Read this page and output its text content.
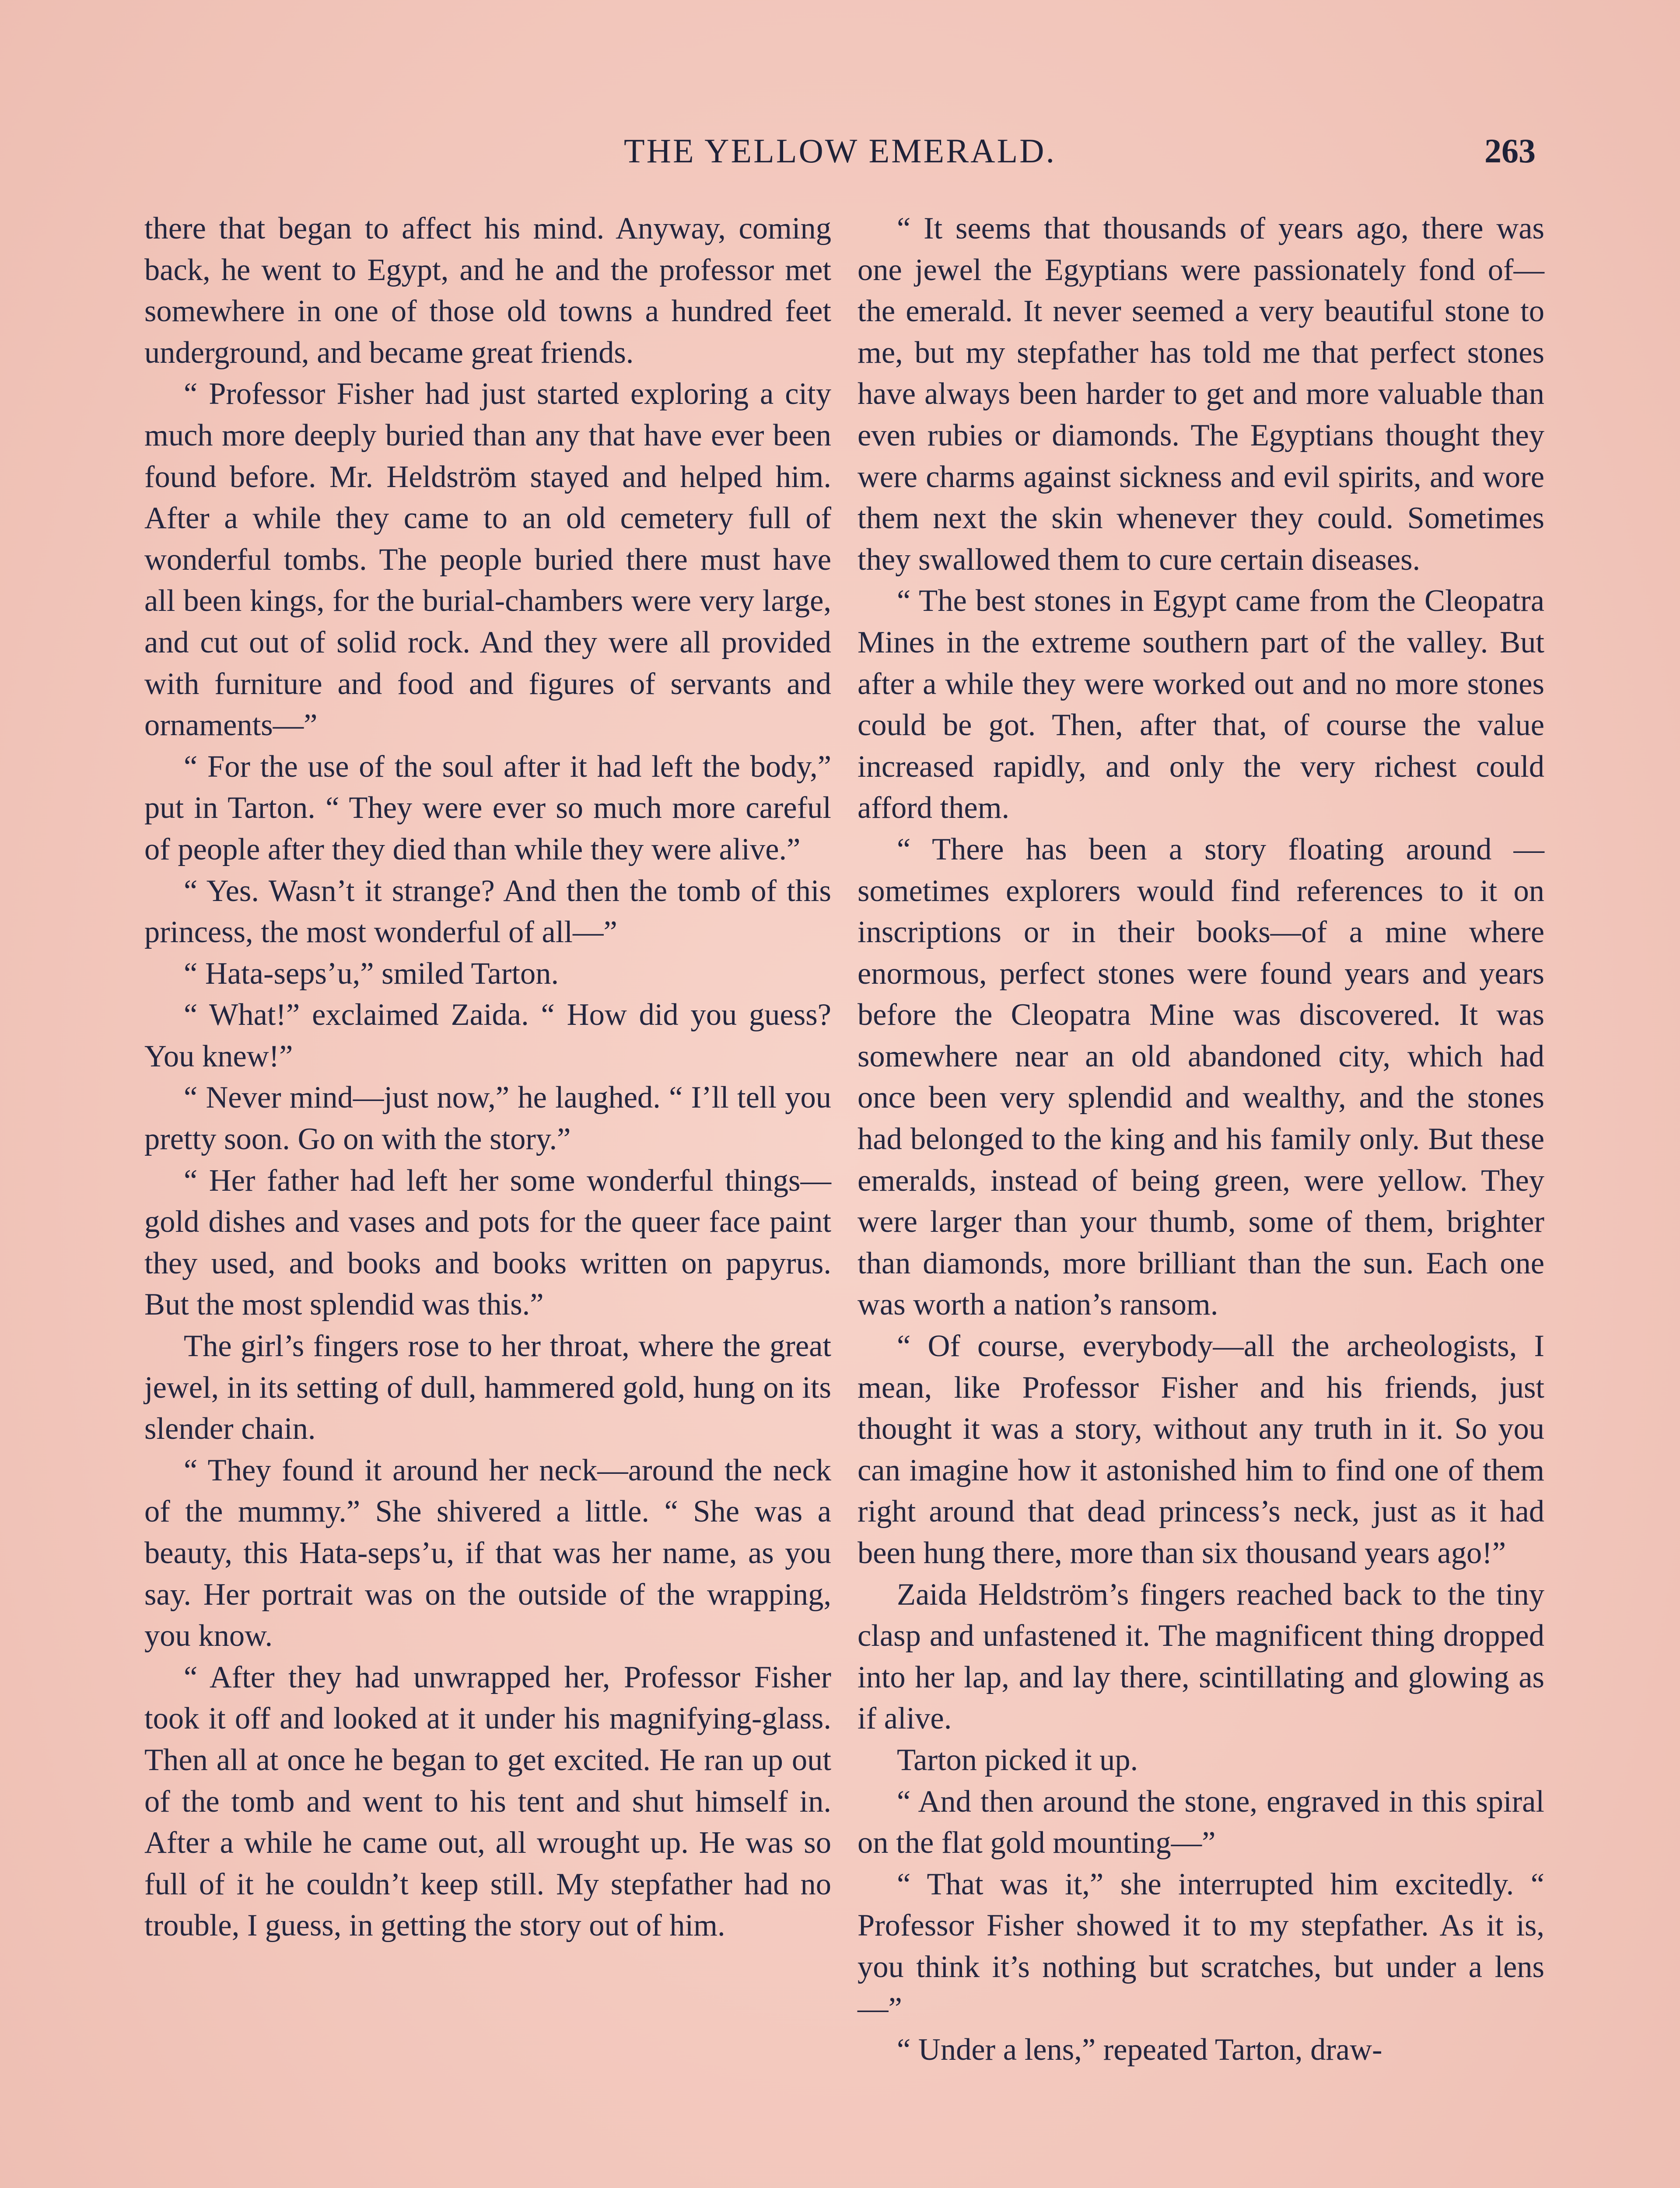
THE YELLOW EMERALD.	263

there that began to affect his mind. Anyway, coming back, he went to Egypt, and he and the professor met somewhere in one of those old towns a hundred feet underground, and became great friends.

“ Professor Fisher had just started exploring a city much more deeply buried than any that have ever been found before. Mr. Heldström stayed and helped him. After a while they came to an old cemetery full of wonderful tombs. The people buried there must have all been kings, for the burial-chambers were very large, and cut out of solid rock. And they were all provided with furniture and food and figures of servants and ornaments—”

“ For the use of the soul after it had left the body,” put in Tarton. “ They were ever so much more careful of people after they died than while they were alive.”

“ Yes. Wasn’t it strange? And then the tomb of this princess, the most wonderful of all—”

“ Hata-seps’u,” smiled Tarton.

“ What!” exclaimed Zaida. “ How did you guess? You knew!”

“ Never mind—just now,” he laughed. “ I’ll tell you pretty soon. Go on with the story.”

“ Her father had left her some wonderful things—gold dishes and vases and pots for the queer face paint they used, and books and books written on papyrus. But the most splendid was this.”

The girl’s fingers rose to her throat, where the great jewel, in its setting of dull, hammered gold, hung on its slender chain.

“ They found it around her neck—around the neck of the mummy.” She shivered a little. “ She was a beauty, this Hata-seps’u, if that was her name, as you say. Her portrait was on the outside of the wrapping, you know.

“ After they had unwrapped her, Professor Fisher took it off and looked at it under his magnifying-glass. Then all at once he began to get excited. He ran up out of the tomb and went to his tent and shut himself in. After a while he came out, all wrought up. He was so full of it he couldn’t keep still. My stepfather had no trouble, I guess, in getting the story out of him.

“ It seems that thousands of years ago, there was one jewel the Egyptians were passionately fond of—the emerald. It never seemed a very beautiful stone to me, but my stepfather has told me that perfect stones have always been harder to get and more valuable than even rubies or diamonds. The Egyptians thought they were charms against sickness and evil spirits, and wore them next the skin whenever they could. Sometimes they swallowed them to cure certain diseases.

“ The best stones in Egypt came from the Cleopatra Mines in the extreme southern part of the valley. But after a while they were worked out and no more stones could be got. Then, after that, of course the value increased rapidly, and only the very richest could afford them.

“ There has been a story floating around —sometimes explorers would find references to it on inscriptions or in their books—of a mine where enormous, perfect stones were found years and years before the Cleopatra Mine was discovered. It was somewhere near an old abandoned city, which had once been very splendid and wealthy, and the stones had belonged to the king and his family only. But these emeralds, instead of being green, were yellow. They were larger than your thumb, some of them, brighter than diamonds, more brilliant than the sun. Each one was worth a nation’s ransom.

“ Of course, everybody—all the archeologists, I mean, like Professor Fisher and his friends, just thought it was a story, without any truth in it. So you can imagine how it astonished him to find one of them right around that dead princess’s neck, just as it had been hung there, more than six thousand years ago!”

Zaida Heldström’s fingers reached back to the tiny clasp and unfastened it. The magnificent thing dropped into her lap, and lay there, scintillating and glowing as if alive.

Tarton picked it up.

“ And then around the stone, engraved in this spiral on the flat gold mounting—”

“ That was it,” she interrupted him excitedly. “ Professor Fisher showed it to my stepfather. As it is, you think it’s nothing but scratches, but under a lens—”

“ Under a lens,” repeated Tarton, draw-
